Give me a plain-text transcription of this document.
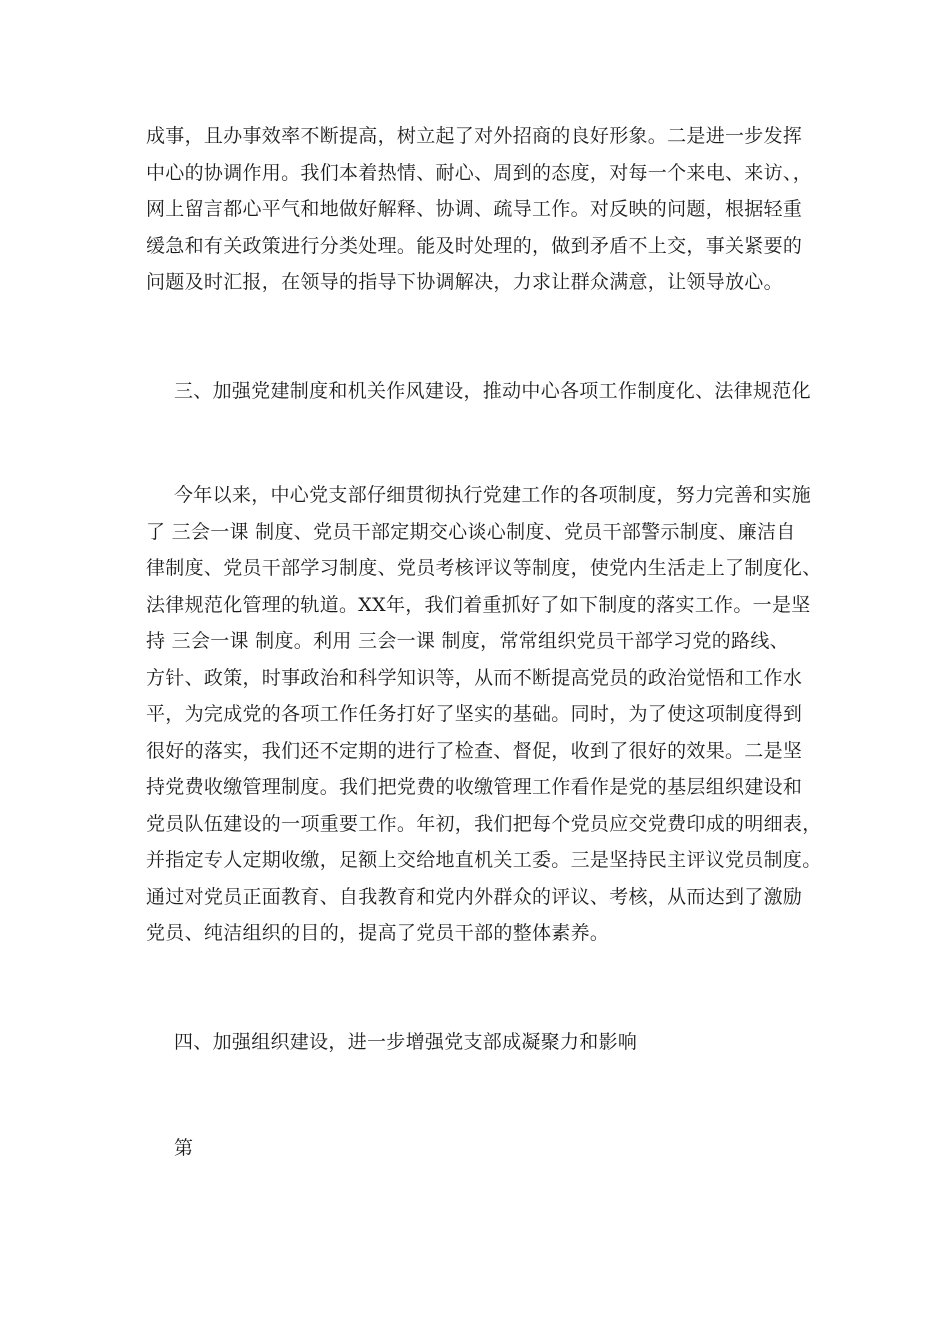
成事，且办事效率不断提高，树立起了对外招商的良好形象。二是进一步发挥
中心的协调作用。我们本着热情、耐心、周到的态度，对每一个来电、来访、，
网上留言都心平气和地做好解释、协调、疏导工作。对反映的问题，根据轻重
缓急和有关政策进行分类处理。能及时处理的，做到矛盾不上交，事关紧要的
问题及时汇报，在领导的指导下协调解决，力求让群众满意，让领导放心。
三、加强党建制度和机关作风建设，推动中心各项工作制度化、法律规范化
今年以来，中心党支部仔细贯彻执行党建工作的各项制度，努力完善和实施
了 三会一课 制度、党员干部定期交心谈心制度、党员干部警示制度、廉洁自
律制度、党员干部学习制度、党员考核评议等制度，使党内生活走上了制度化、
法律规范化管理的轨道。XX年，我们着重抓好了如下制度的落实工作。一是坚
持 三会一课 制度。利用 三会一课 制度，常常组织党员干部学习党的路线、
方针、政策，时事政治和科学知识等，从而不断提高党员的政治觉悟和工作水
平，为完成党的各项工作任务打好了坚实的基础。同时，为了使这项制度得到
很好的落实，我们还不定期的进行了检查、督促，收到了很好的效果。二是坚
持党费收缴管理制度。我们把党费的收缴管理工作看作是党的基层组织建设和
党员队伍建设的一项重要工作。年初，我们把每个党员应交党费印成的明细表，
并指定专人定期收缴，足额上交给地直机关工委。三是坚持民主评议党员制度。
通过对党员正面教育、自我教育和党内外群众的评议、考核，从而达到了激励
党员、纯洁组织的目的，提高了党员干部的整体素养。
四、加强组织建设，进一步增强党支部成凝聚力和影响
第
